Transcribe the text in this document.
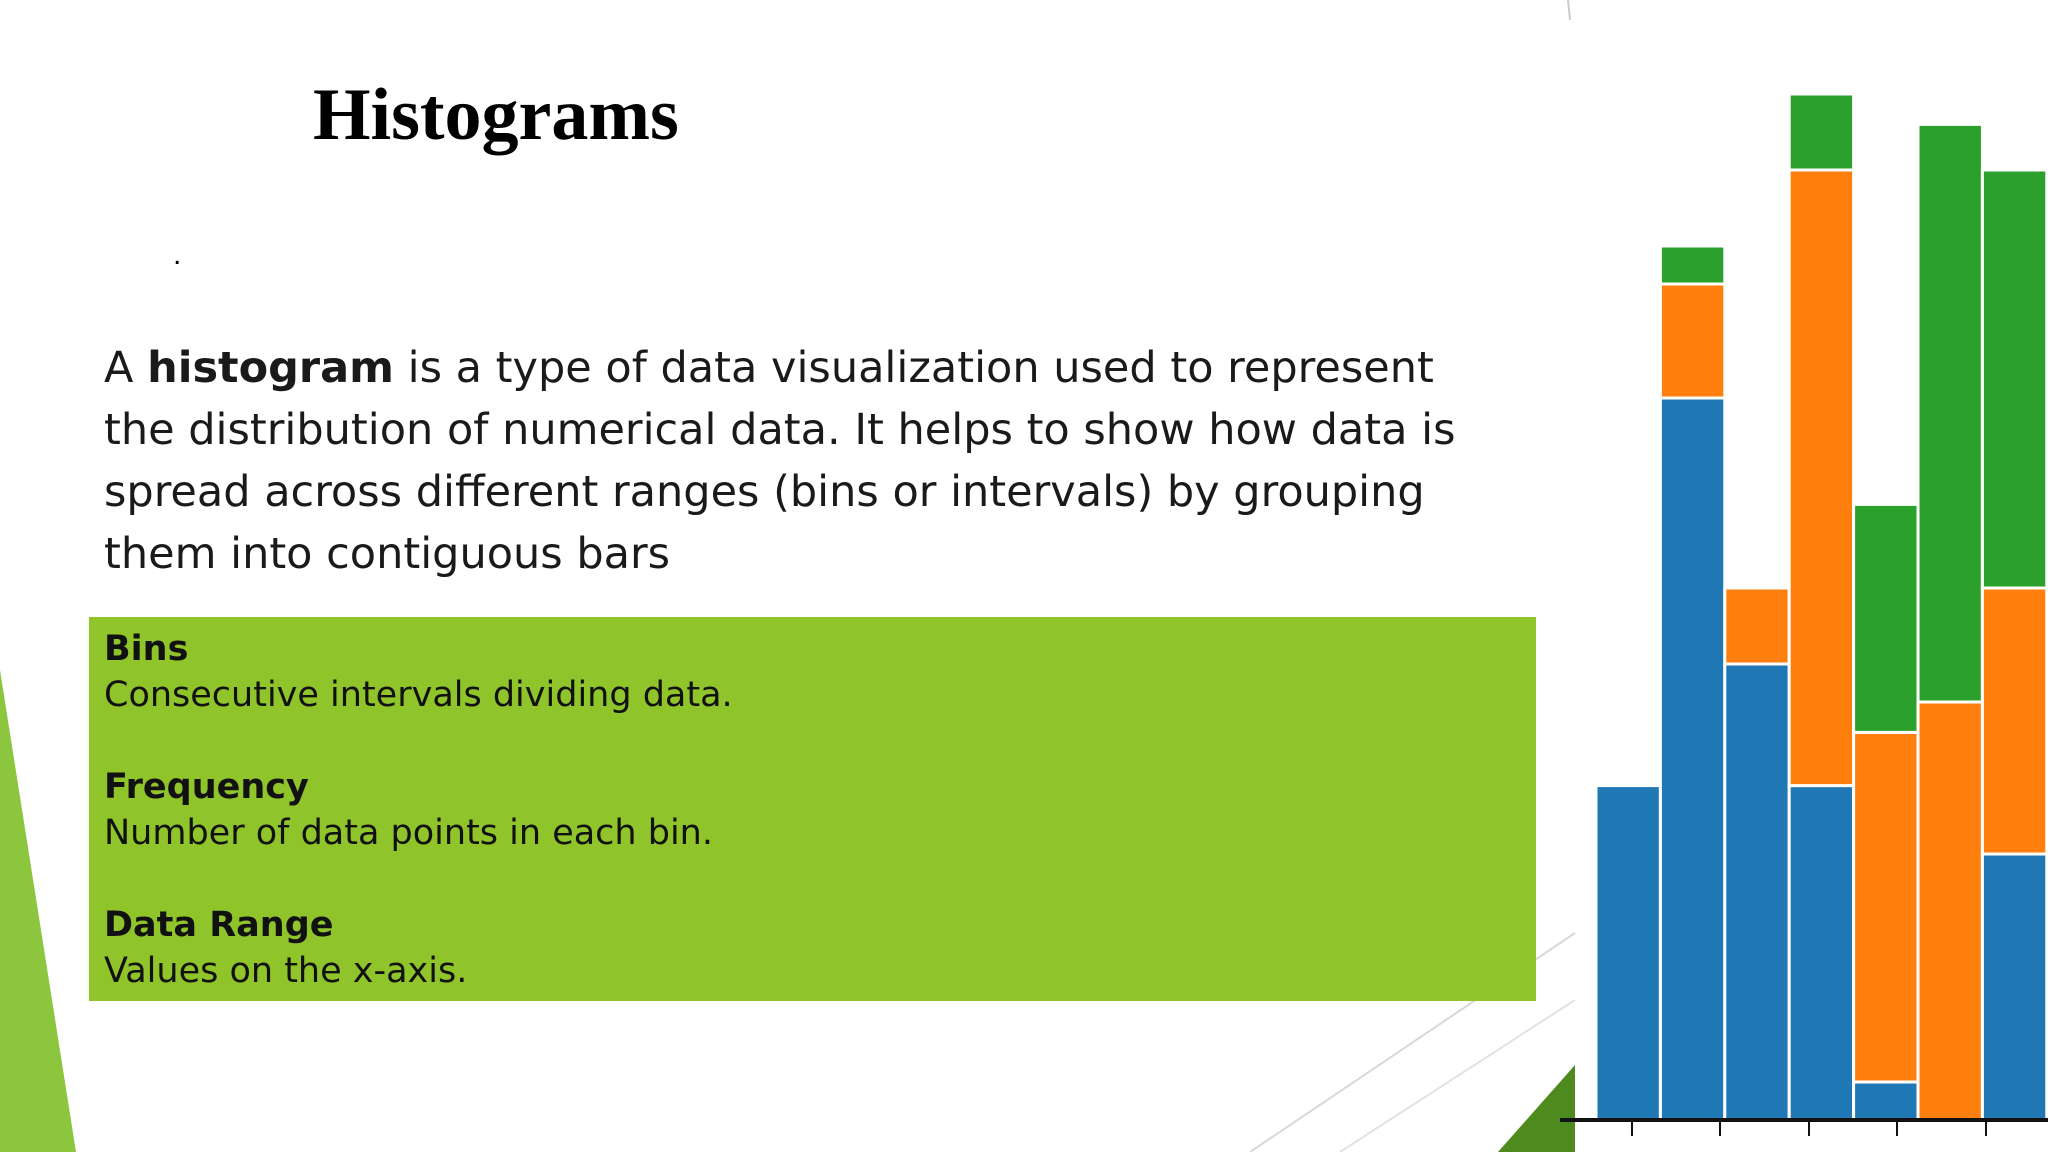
Histograms
.

A histogram is a type of data visualization used to represent the distribution of numerical data. It helps to show how data is spread across different ranges (bins or intervals) by grouping them into contiguous bars

Bins
Consecutive intervals dividing data.
Frequency
Number of data points in each bin.
Data Range
Values on the x-axis.
